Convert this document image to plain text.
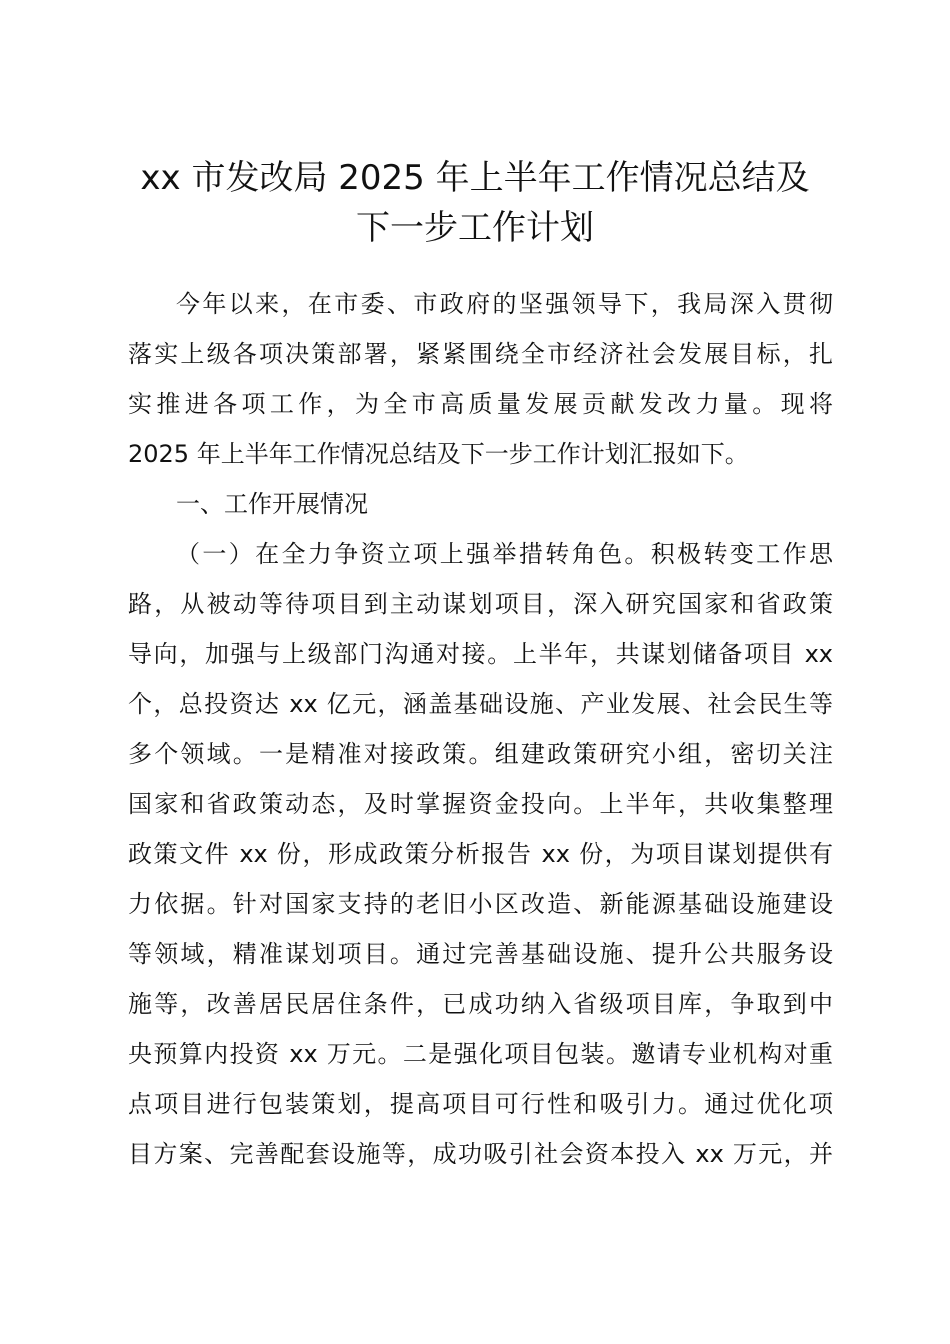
xx 市发改局 2025 年上半年工作情况总结及
下一步工作计划
今年以来，在市委、市政府的坚强领导下，我局深入贯彻
落实上级各项决策部署，紧紧围绕全市经济社会发展目标，扎
实推进各项工作，为全市高质量发展贡献发改力量。现将
2025 年上半年工作情况总结及下一步工作计划汇报如下。
一、工作开展情况
（一）在全力争资立项上强举措转角色。积极转变工作思
路，从被动等待项目到主动谋划项目，深入研究国家和省政策
导向，加强与上级部门沟通对接。上半年，共谋划储备项目 xx
个，总投资达 xx 亿元，涵盖基础设施、产业发展、社会民生等
多个领域。一是精准对接政策。组建政策研究小组，密切关注
国家和省政策动态，及时掌握资金投向。上半年，共收集整理
政策文件 xx 份，形成政策分析报告 xx 份，为项目谋划提供有
力依据。针对国家支持的老旧小区改造、新能源基础设施建设
等领域，精准谋划项目。通过完善基础设施、提升公共服务设
施等，改善居民居住条件，已成功纳入省级项目库，争取到中
央预算内投资 xx 万元。二是强化项目包装。邀请专业机构对重
点项目进行包装策划，提高项目可行性和吸引力。通过优化项
目方案、完善配套设施等，成功吸引社会资本投入 xx 万元，并
